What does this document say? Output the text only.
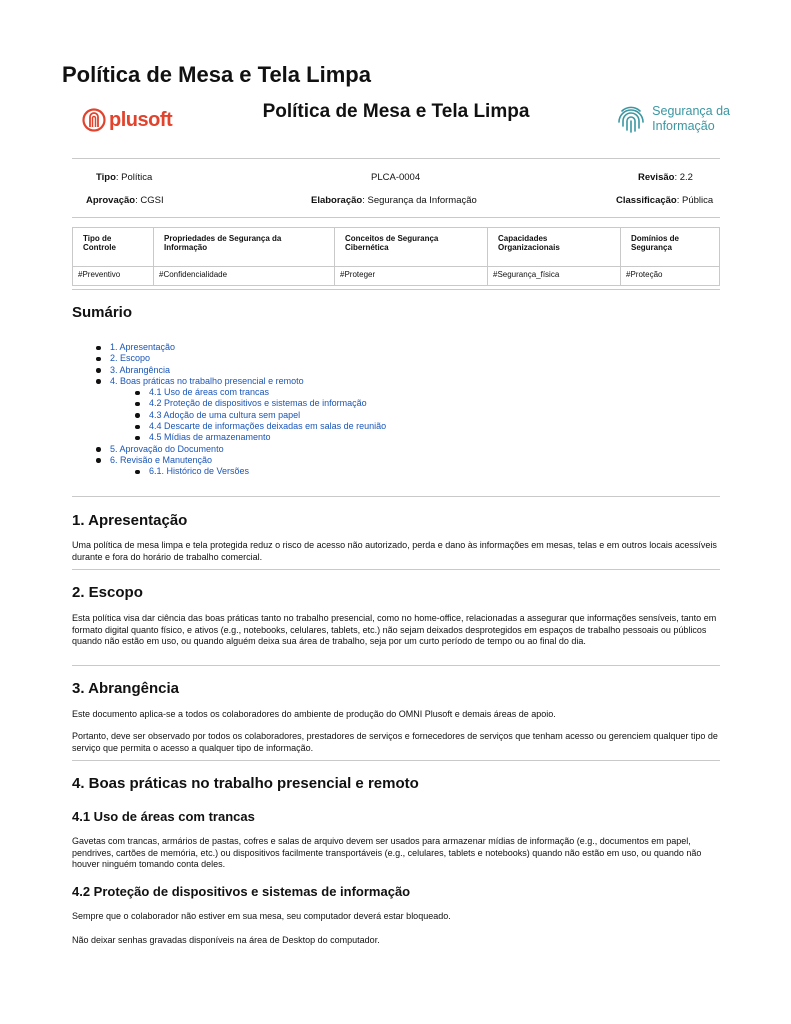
Política de Mesa e Tela Limpa
plusoft	Política de Mesa e Tela Limpa	Segurança da
Informação
Tipo: Política	PLCA-0004	Revisão: 2.2
Aprovação: CGSI	Elaboração: Segurança da Informação	Classificação: Pública
Tipo de Controle	Propriedades de Segurança da Informação	Conceitos de Segurança Cibernética	Capacidades Organizacionais	Domínios de Segurança
#Preventivo	#Confidencialidade	#Proteger	#Segurança_física	#Proteção
Sumário
1. Apresentação
2. Escopo
3. Abrangência
4. Boas práticas no trabalho presencial e remoto
4.1 Uso de áreas com trancas
4.2 Proteção de dispositivos e sistemas de informação
4.3 Adoção de uma cultura sem papel
4.4 Descarte de informações deixadas em salas de reunião
4.5 Mídias de armazenamento
5. Aprovação do Documento
6. Revisão e Manutenção
6.1. Histórico de Versões
1. Apresentação

Uma política de mesa limpa e tela protegida reduz o risco de acesso não autorizado, perda e dano às informações em mesas, telas e em outros locais acessíveis durante e fora do horário de trabalho comercial.

2. Escopo

Esta política visa dar ciência das boas práticas tanto no trabalho presencial, como no home-office, relacionadas a assegurar que informações sensíveis, tanto em formato digital quanto físico, e ativos (e.g., notebooks, celulares, tablets, etc.) não sejam deixados desprotegidos em espaços de trabalho pessoais ou públicos quando não estão em uso, ou quando alguém deixa sua área de trabalho, seja por um curto período de tempo ou ao final do dia.

3. Abrangência

Este documento aplica-se a todos os colaboradores do ambiente de produção do OMNI Plusoft e demais áreas de apoio.

Portanto, deve ser observado por todos os colaboradores, prestadores de serviços e fornecedores de serviços que tenham acesso ou gerenciem qualquer tipo de serviço que permita o acesso a qualquer tipo de informação.

4. Boas práticas no trabalho presencial e remoto
4.1 Uso de áreas com trancas

Gavetas com trancas, armários de pastas, cofres e salas de arquivo devem ser usados para armazenar mídias de informação (e.g., documentos em papel, pendrives, cartões de memória, etc.) ou dispositivos facilmente transportáveis (e.g., celulares, tablets e notebooks) quando não estão em uso, ou quando não houver ninguém tomando conta deles.

4.2 Proteção de dispositivos e sistemas de informação

Sempre que o colaborador não estiver em sua mesa, seu computador deverá estar bloqueado.

Não deixar senhas gravadas disponíveis na área de Desktop do computador.
